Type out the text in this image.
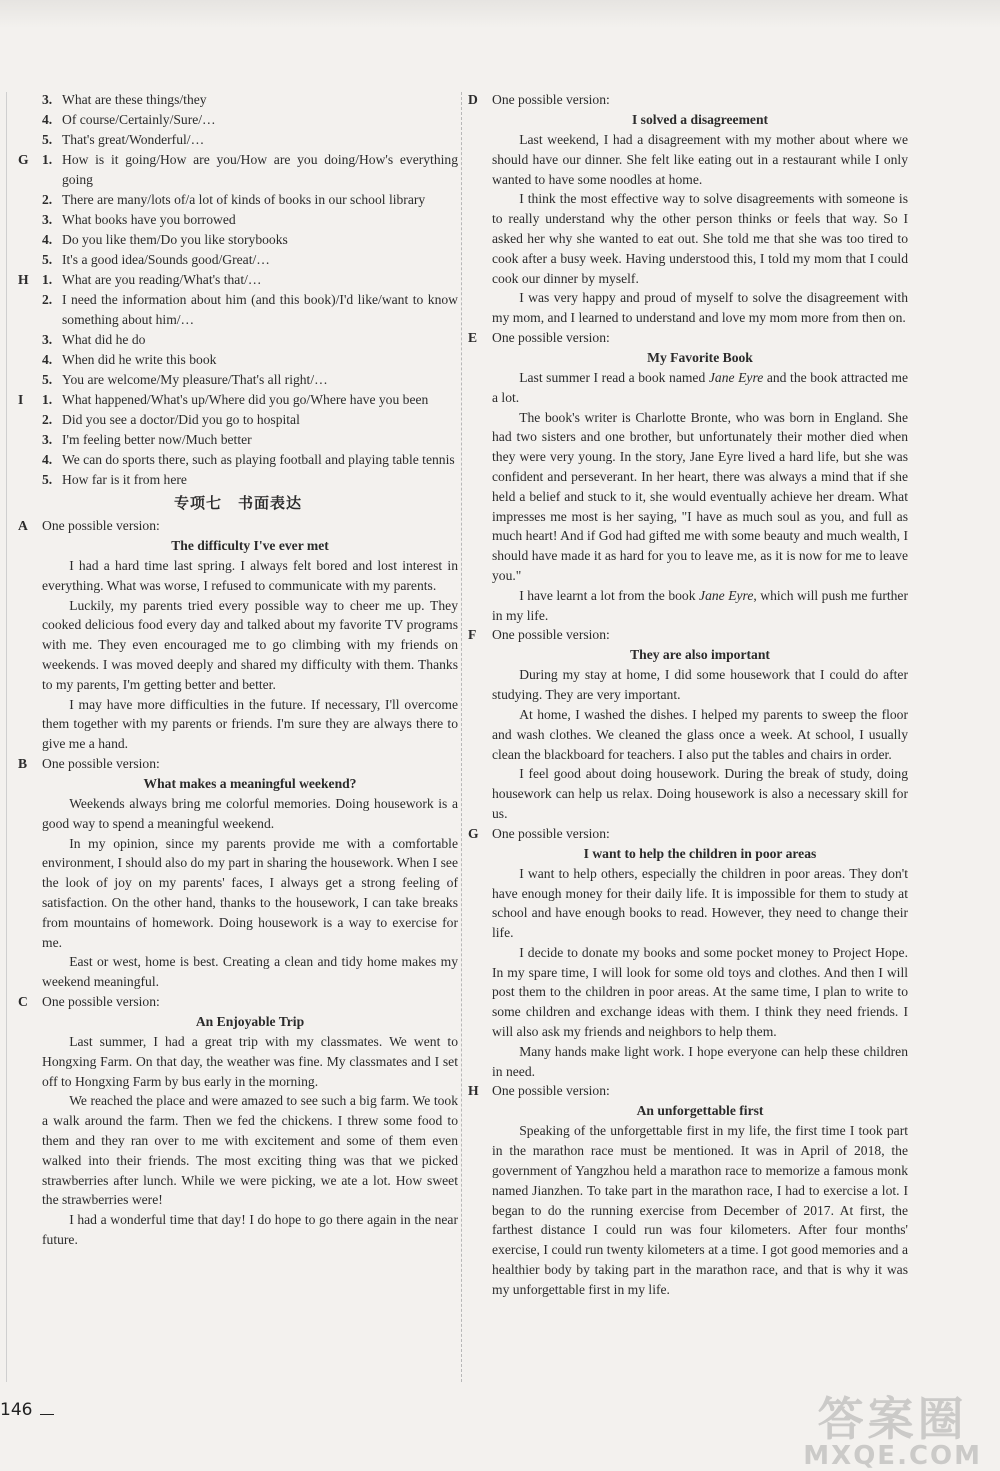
3. What are these things/they
4. Of course/Certainly/Sure/…
5. That's great/Wonderful/…
G 1. How is it going/How are you/How are you doing/How's everything going
2. There are many/lots of/a lot of kinds of books in our school library
3. What books have you borrowed
4. Do you like them/Do you like storybooks
5. It's a good idea/Sounds good/Great/…
H 1. What are you reading/What's that/…
2. I need the information about him (and this book)/I'd like/want to know something about him/…
3. What did he do
4. When did he write this book
5. You are welcome/My pleasure/That's all right/…
I	1. What happened/What's up/Where did you go/Where have you been
2. Did you see a doctor/Did you go to hospital
3. I'm feeling better now/Much better
4. We can do sports there, such as playing football and playing table tennis
5. How far is it from here
专项七　书面表达
A	One possible version:
The difficulty I've ever met

I had a hard time last spring. I always felt bored and lost interest in everything. What was worse, I refused to communicate with my parents.

Luckily, my parents tried every possible way to cheer me up. They cooked delicious food every day and talked about my favorite TV programs with me. They even encouraged me to go climbing with my friends on weekends. I was moved deeply and shared my difficulty with them. Thanks to my parents, I'm getting better and better.

I may have more difficulties in the future. If necessary, I'll overcome them together with my parents or friends. I'm sure they are always there to give me a hand.

B	One possible version:
What makes a meaningful weekend?

Weekends always bring me colorful memories. Doing housework is a good way to spend a meaningful weekend.

In my opinion, since my parents provide me with a comfortable environment, I should also do my part in sharing the housework. When I see the look of joy on my parents' faces, I always get a strong feeling of satisfaction. On the other hand, thanks to the housework, I can take breaks from mountains of homework. Doing housework is a way to exercise for me.

East or west, home is best. Creating a clean and tidy home makes my weekend meaningful.

C	One possible version:
An Enjoyable Trip

Last summer, I had a great trip with my classmates. We went to Hongxing Farm. On that day, the weather was fine. My classmates and I set off to Hongxing Farm by bus early in the morning.

We reached the place and were amazed to see such a big farm. We took a walk around the farm. Then we fed the chickens. I threw some food to them and they ran over to me with excitement and some of them even walked into their friends. The most exciting thing was that we picked strawberries after lunch. While we were picking, we ate a lot. How sweet the strawberries were!

I had a wonderful time that day! I do hope to go there again in the near future.

D	One possible version:
I solved a disagreement

Last weekend, I had a disagreement with my mother about where we should have our dinner. She felt like eating out in a restaurant while I only wanted to have some noodles at home.

I think the most effective way to solve disagreements with someone is to really understand why the other person thinks or feels that way. So I asked her why she wanted to eat out. She told me that she was too tired to cook after a busy week. Having understood this, I told my mom that I could cook our dinner by myself.

I was very happy and proud of myself to solve the disagreement with my mom, and I learned to understand and love my mom more from then on.

E	One possible version:
My Favorite Book

Last summer I read a book named Jane Eyre and the book attracted me a lot.

The book's writer is Charlotte Bronte, who was born in England. She had two sisters and one brother, but unfortunately their mother died when they were very young. In the story, Jane Eyre lived a hard life, but she was confident and perseverant. In her heart, there was always a mind that if she held a belief and stuck to it, she would eventually achieve her dream. What impresses me most is her saying, "I have as much soul as you, and full as much heart! And if God had gifted me with some beauty and much wealth, I should have made it as hard for you to leave me, as it is now for me to leave you."

I have learnt a lot from the book Jane Eyre, which will push me further in my life.

F	One possible version:
They are also important

During my stay at home, I did some housework that I could do after studying. They are very important.

At home, I washed the dishes. I helped my parents to sweep the floor and wash clothes. We cleaned the glass once a week. At school, I usually clean the blackboard for teachers. I also put the tables and chairs in order.

I feel good about doing housework. During the break of study, doing housework can help us relax. Doing housework is also a necessary skill for us.

G One possible version:
I want to help the children in poor areas

I want to help others, especially the children in poor areas. They don't have enough money for their daily life. It is impossible for them to study at school and have enough books to read. However, they need to change their life.

I decide to donate my books and some pocket money to Project Hope. In my spare time, I will look for some old toys and clothes. And then I will post them to the children in poor areas. At the same time, I plan to write to some children and exchange ideas with them. I think they need friends. I will also ask my friends and neighbors to help them.

Many hands make light work. I hope everyone can help these children in need.

H One possible version:
An unforgettable first

Speaking of the unforgettable first in my life, the first time I took part in the marathon race must be mentioned. It was in April of 2018, the government of Yangzhou held a marathon race to memorize a famous monk named Jianzhen. To take part in the marathon race, I had to exercise a lot. I began to do the running exercise from December of 2017. At first, the farthest distance I could run was four kilometers. After four months' exercise, I could run twenty kilometers at a time. I got good memories and a healthier body by taking part in the marathon race, and that is why it was my unforgettable first in my life.

146	答案圈
MXQE.COM
